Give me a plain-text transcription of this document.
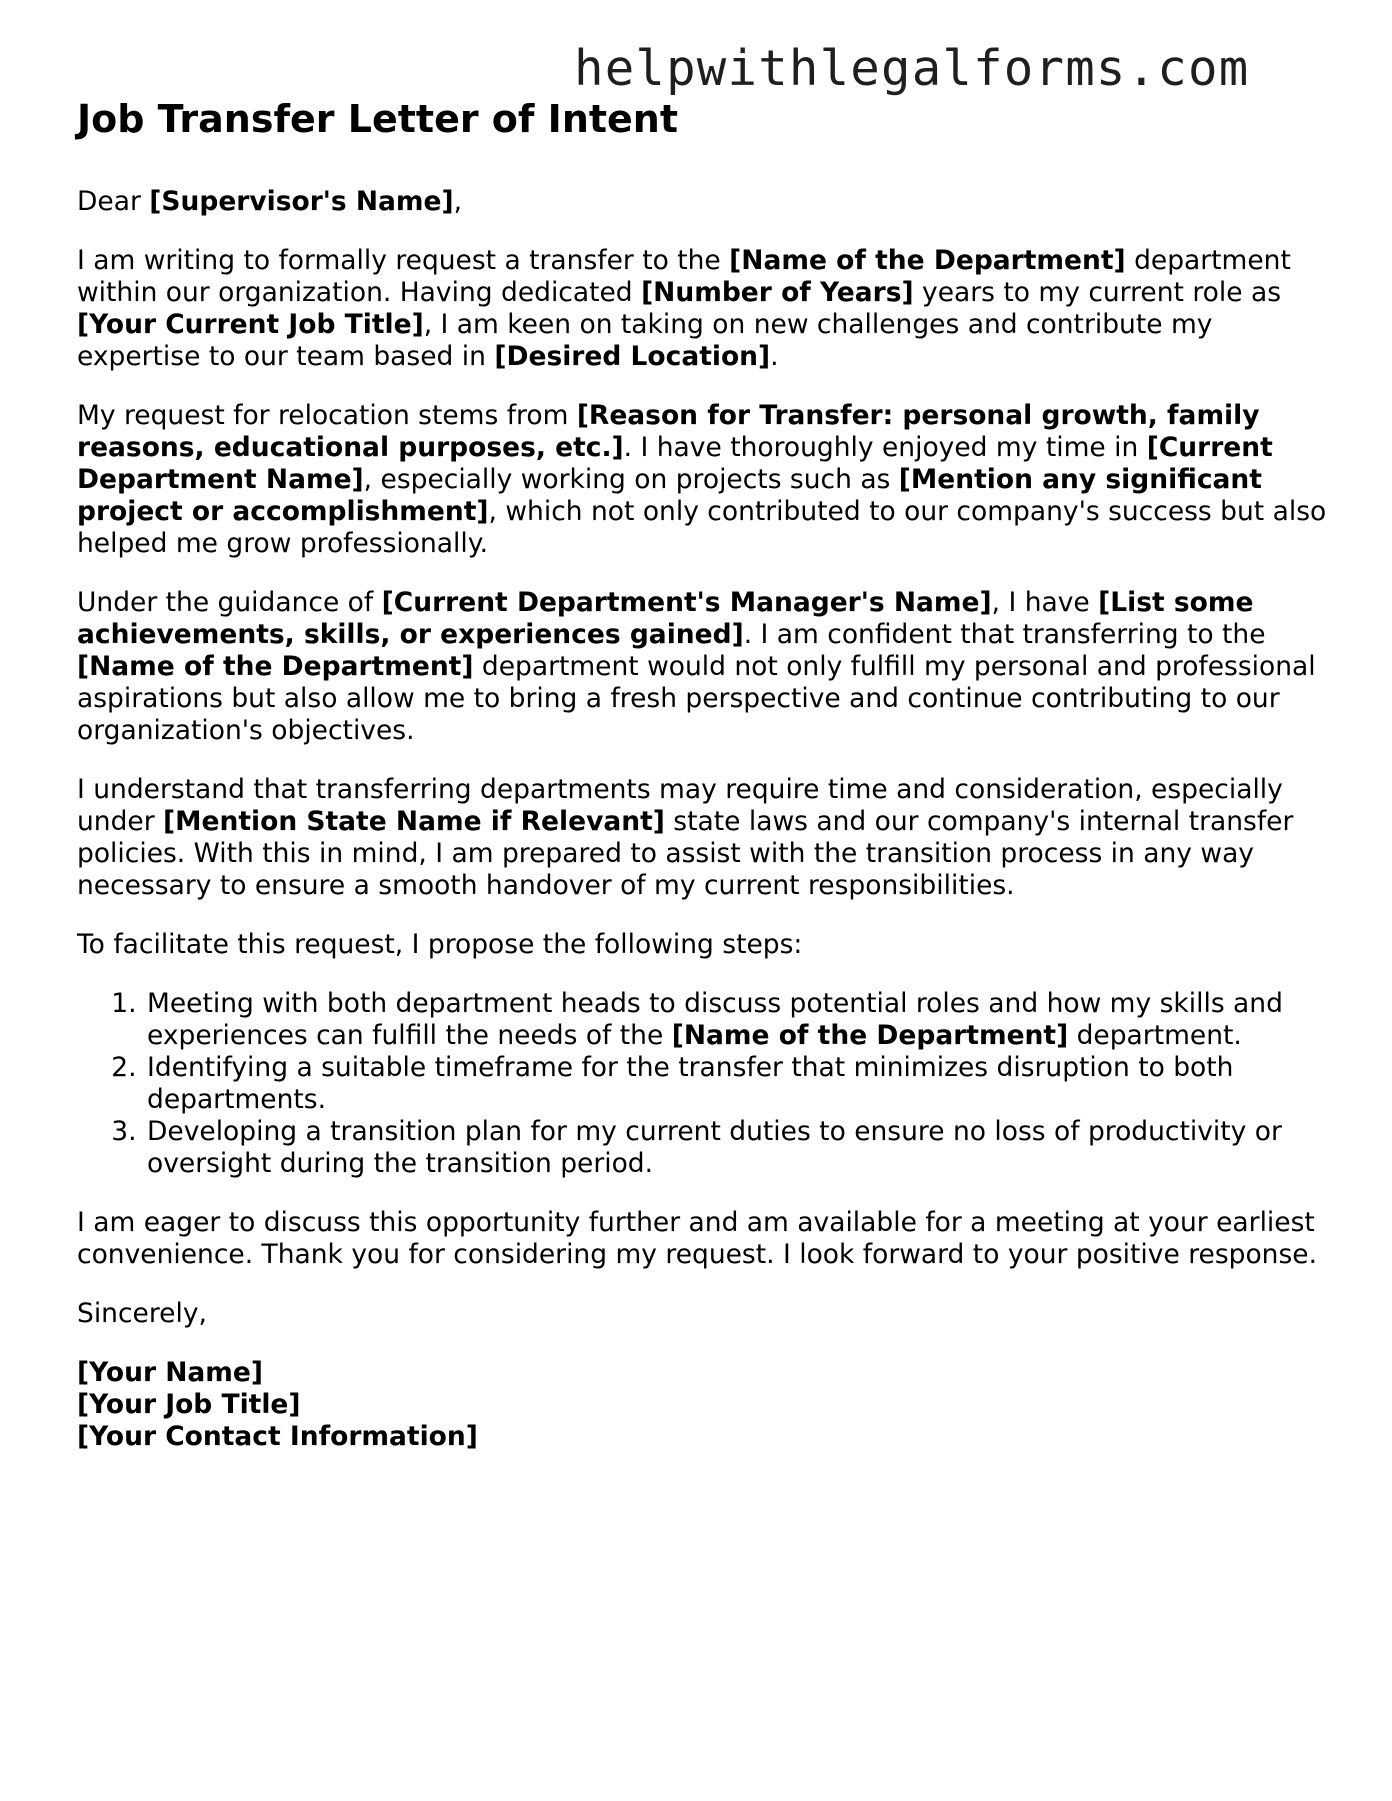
helpwithlegalforms.com
Job Transfer Letter of Intent

Dear [Supervisor's Name],

I am writing to formally request a transfer to the [Name of the Department] department within our organization. Having dedicated [Number of Years] years to my current role as [Your Current Job Title], I am keen on taking on new challenges and contribute my expertise to our team based in [Desired Location].

My request for relocation stems from [Reason for Transfer: personal growth, family reasons, educational purposes, etc.]. I have thoroughly enjoyed my time in [Current Department Name], especially working on projects such as [Mention any significant project or accomplishment], which not only contributed to our company's success but also helped me grow professionally.

Under the guidance of [Current Department's Manager's Name], I have [List some achievements, skills, or experiences gained]. I am confident that transferring to the [Name of the Department] department would not only fulfill my personal and professional aspirations but also allow me to bring a fresh perspective and continue contributing to our organization's objectives.

I understand that transferring departments may require time and consideration, especially under [Mention State Name if Relevant] state laws and our company's internal transfer policies. With this in mind, I am prepared to assist with the transition process in any way necessary to ensure a smooth handover of my current responsibilities.

To facilitate this request, I propose the following steps:

1. Meeting with both department heads to discuss potential roles and how my skills and experiences can fulfill the needs of the [Name of the Department] department.
2. Identifying a suitable timeframe for the transfer that minimizes disruption to both departments.
3. Developing a transition plan for my current duties to ensure no loss of productivity or oversight during the transition period.

I am eager to discuss this opportunity further and am available for a meeting at your earliest convenience. Thank you for considering my request. I look forward to your positive response.

Sincerely,

[Your Name]
[Your Job Title]
[Your Contact Information]
